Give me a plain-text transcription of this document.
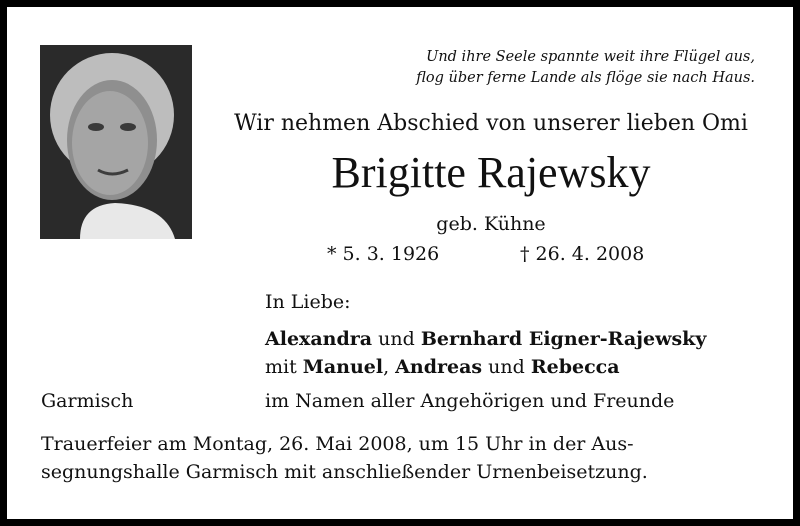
Und ihre Seele spannte weit ihre Flügel aus,
flog über ferne Lande als flöge sie nach Haus.
Wir nehmen Abschied von unserer lieben Omi
Brigitte Rajewsky
geb. Kühne
* 5. 3. 1926	† 26. 4. 2008
In Liebe:
Alexandra und Bernhard Eigner-Rajewsky
mit Manuel, Andreas und Rebecca
Garmisch	im Namen aller Angehörigen und Freunde
Trauerfeier am Montag, 26. Mai 2008, um 15 Uhr in der Aus-
segnungshalle Garmisch mit anschließender Urnenbeisetzung.
